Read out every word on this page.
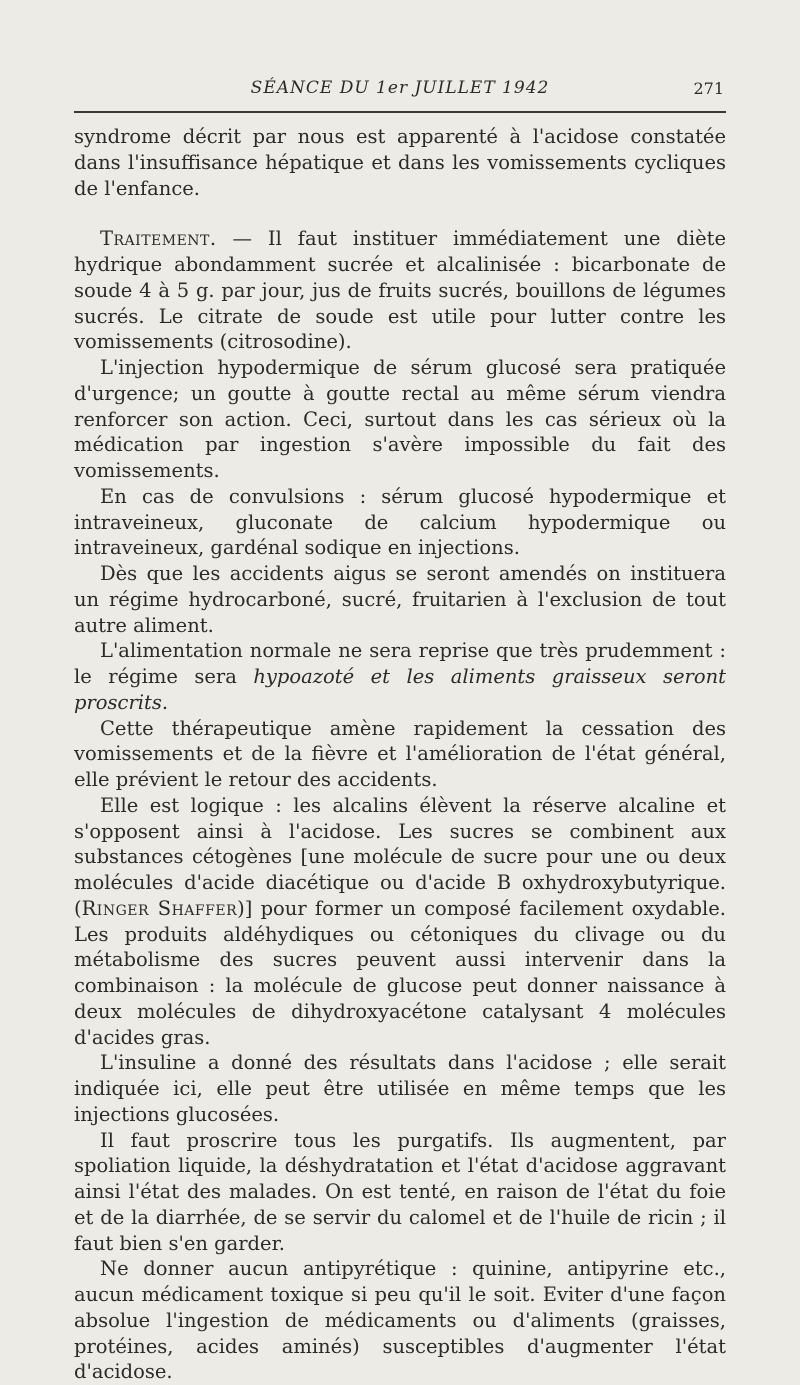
SÉANCE DU 1er JUILLET 1942	271

syndrome décrit par nous est apparenté à l'acidose constatée dans l'insuffisance hépatique et dans les vomissements cycliques de l'enfance.

Traitement. — Il faut instituer immédiatement une diète hydrique abondamment sucrée et alcalinisée : bicarbonate de soude 4 à 5 g. par jour, jus de fruits sucrés, bouillons de légumes sucrés. Le citrate de soude est utile pour lutter contre les vomissements (citrosodine).

L'injection hypodermique de sérum glucosé sera pratiquée d'urgence; un goutte à goutte rectal au même sérum viendra renforcer son action. Ceci, surtout dans les cas sérieux où la médication par ingestion s'avère impossible du fait des vomissements.

En cas de convulsions : sérum glucosé hypodermique et intraveineux, gluconate de calcium hypodermique ou intraveineux, gardénal sodique en injections.

Dès que les accidents aigus se seront amendés on instituera un régime hydrocarboné, sucré, fruitarien à l'exclusion de tout autre aliment.

L'alimentation normale ne sera reprise que très prudemment : le régime sera hypoazoté et les aliments graisseux seront proscrits.

Cette thérapeutique amène rapidement la cessation des vomissements et de la fièvre et l'amélioration de l'état général, elle prévient le retour des accidents.

Elle est logique : les alcalins élèvent la réserve alcaline et s'opposent ainsi à l'acidose. Les sucres se combinent aux substances cétogènes [une molécule de sucre pour une ou deux molécules d'acide diacétique ou d'acide B oxhydroxybutyrique. (Ringer Shaffer)] pour former un composé facilement oxydable. Les produits aldéhydiques ou cétoniques du clivage ou du métabolisme des sucres peuvent aussi intervenir dans la combinaison : la molécule de glucose peut donner naissance à deux molécules de dihydroxyacétone catalysant 4 molécules d'acides gras.

L'insuline a donné des résultats dans l'acidose ; elle serait indiquée ici, elle peut être utilisée en même temps que les injections glucosées.

Il faut proscrire tous les purgatifs. Ils augmentent, par spoliation liquide, la déshydratation et l'état d'acidose aggravant ainsi l'état des malades. On est tenté, en raison de l'état du foie et de la diarrhée, de se servir du calomel et de l'huile de ricin ; il faut bien s'en garder.

Ne donner aucun antipyrétique : quinine, antipyrine etc., aucun médicament toxique si peu qu'il le soit. Eviter d'une façon absolue l'ingestion de médicaments ou d'aliments (graisses, protéines, acides aminés) susceptibles d'augmenter l'état d'acidose.
